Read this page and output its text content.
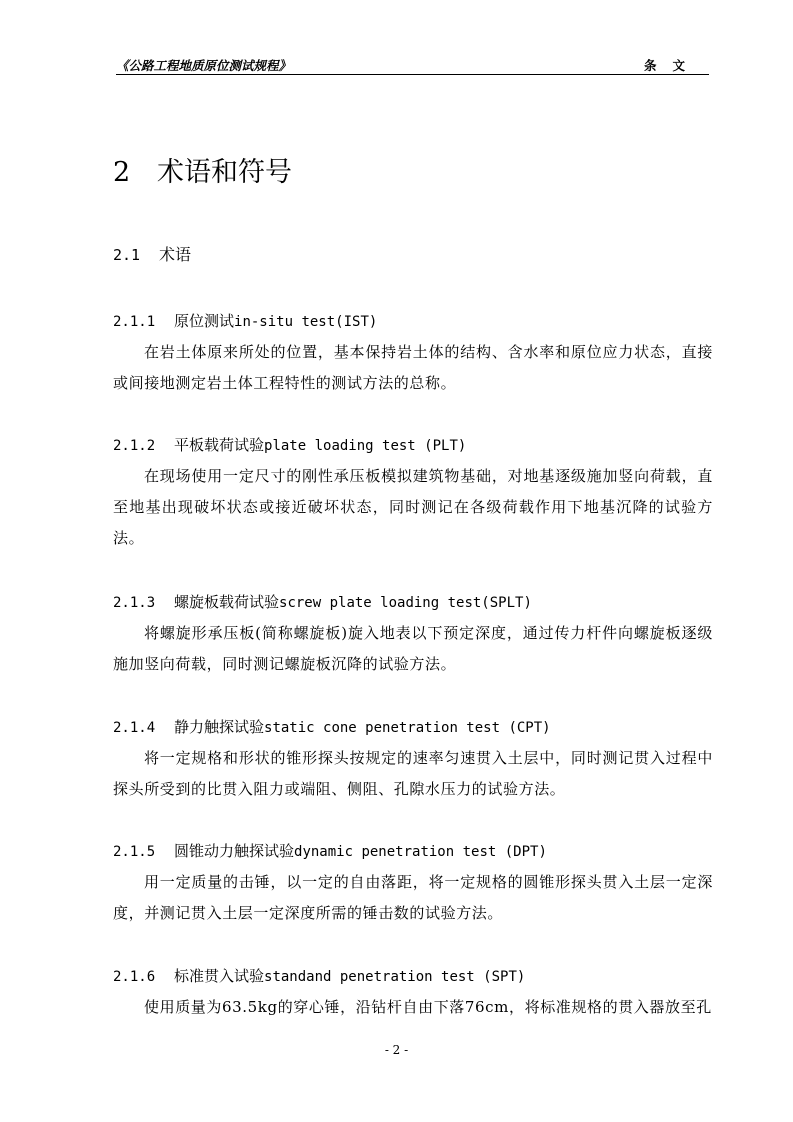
《公路工程地质原位测试规程》	条文
2 术语和符号
2.1 术语
2.1.1 原位测试in-situ test(IST)
在岩土体原来所处的位置，基本保持岩土体的结构、含水率和原位应力状态，直接或间接地测定岩土体工程特性的测试方法的总称。
2.1.2 平板载荷试验plate loading test (PLT)
在现场使用一定尺寸的刚性承压板模拟建筑物基础，对地基逐级施加竖向荷载，直至地基出现破坏状态或接近破坏状态，同时测记在各级荷载作用下地基沉降的试验方法。
2.1.3 螺旋板载荷试验screw plate loading test(SPLT)
将螺旋形承压板(简称螺旋板)旋入地表以下预定深度，通过传力杆件向螺旋板逐级施加竖向荷载，同时测记螺旋板沉降的试验方法。
2.1.4 静力触探试验static cone penetration test (CPT)
将一定规格和形状的锥形探头按规定的速率匀速贯入土层中，同时测记贯入过程中探头所受到的比贯入阻力或端阻、侧阻、孔隙水压力的试验方法。
2.1.5 圆锥动力触探试验dynamic penetration test (DPT)
用一定质量的击锤，以一定的自由落距，将一定规格的圆锥形探头贯入土层一定深度，并测记贯入土层一定深度所需的锤击数的试验方法。
2.1.6 标准贯入试验standand penetration test (SPT)
使用质量为63.5kg的穿心锤，沿钻杆自由下落76cm，将标准规格的贯入器放至孔
- 2 -
